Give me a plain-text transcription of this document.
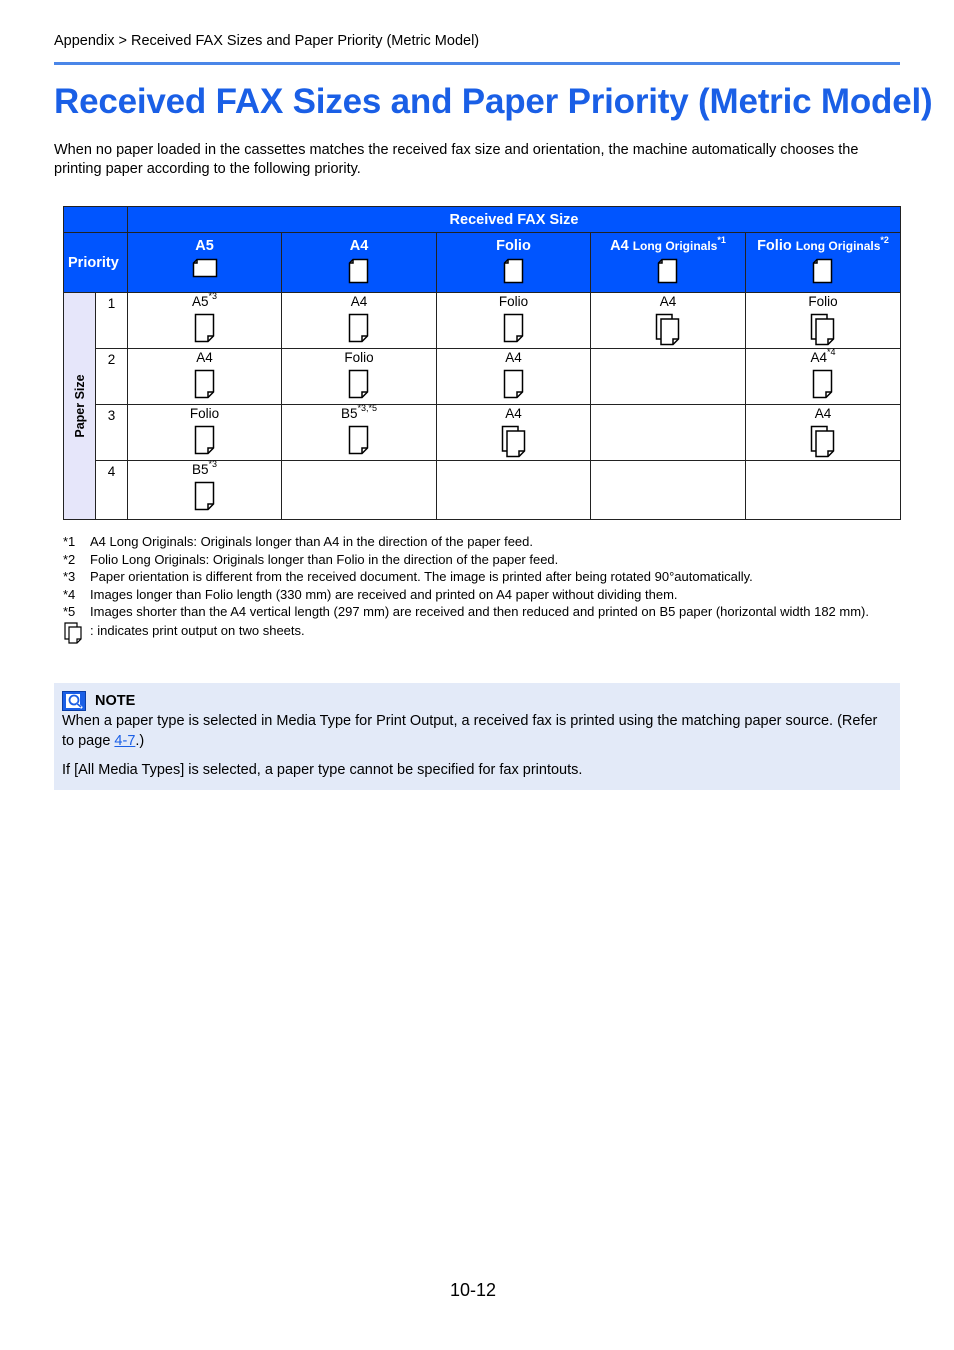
Appendix > Received FAX Sizes and Paper Priority (Metric Model)
Received FAX Sizes and Paper Priority (Metric Model)

When no paper loaded in the cassettes matches the received fax size and orientation, the machine automatically chooses the printing paper according to the following priority.

		Received FAX Size				
Priority		A5	A4	Folio	A4 Long Originals$^{*1}$	Folio Long Originals$^{*2}$

Paper Size	1	A5$^{*3}$	A4	Folio	A4	Folio

	2	A4	Folio	A4		A4$^{*4}$

	3	Folio	$B5^{*3,*5}$	A4		A4

	4	B5$^{*3}$

*1	A4 Long Originals: Originals longer than A4 in the direction of the paper feed.
*2	Folio Long Originals: Originals longer than Folio in the direction of the paper feed.
*3	Paper orientation is different from the received document. The image is printed after being rotated 90°automatically.
*4	Images longer than Folio length (330 mm) are received and printed on A4 paper without dividing them.
*5	Images shorter than the A4 vertical length (297 mm) are received and then reduced and printed on B5 paper (horizontal width 182 mm).
: indicates print output on two sheets.
NOTE

When a paper type is selected in Media Type for Print Output, a received fax is printed using the matching paper source. (Refer to page 4-7.)

If [All Media Types] is selected, a paper type cannot be specified for fax printouts.

10-12
